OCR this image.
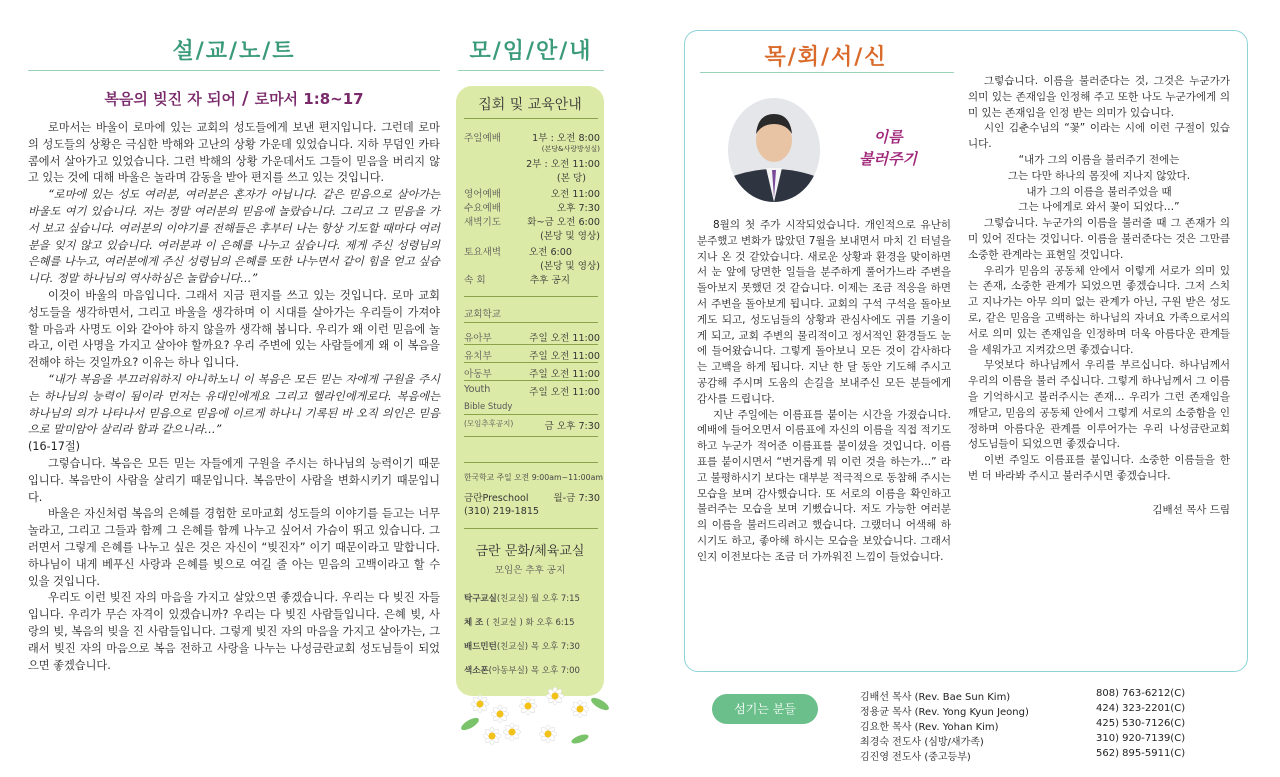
설/교/노/트
복음의 빚진 자 되어 / 로마서 1:8~17

로마서는 바울이 로마에 있는 교회의 성도들에게 보낸 편지입니다. 그런데 로마의 성도들의 상황은 극심한 박해와 고난의 상황 가운데 있었습니다. 지하 무덤인 카타콤에서 살아가고 있었습니다. 그런 박해의 상황 가운데서도 그들이 믿음을 버리지 않고 있는 것에 대해 바울은 놀라며 감동을 받아 편지를 쓰고 있는 것입니다.

“로마에 있는 성도 여러분, 여러분은 혼자가 아닙니다. 같은 믿음으로 살아가는 바울도 여기 있습니다. 저는 정말 여러분의 믿음에 놀랐습니다. 그리고 그 믿음을 가서 보고 싶습니다. 여러분의 이야기를 전해들은 후부터 나는 항상 기도할 때마다 여러분을 잊지 않고 있습니다. 여러분과 이 은혜를 나누고 싶습니다. 제게 주신 성령님의 은혜를 나누고, 여러분에게 주신 성령님의 은혜를 또한 나누면서 같이 힘을 얻고 싶습니다. 정말 하나님의 역사하심은 놀랍습니다…”

이것이 바울의 마음입니다. 그래서 지금 편지를 쓰고 있는 것입니다. 로마 교회 성도들을 생각하면서, 그리고 바울을 생각하며 이 시대를 살아가는 우리들이 가져야 할 마음과 사명도 이와 같아야 하지 않을까 생각해 봅니다. 우리가 왜 이런 믿음에 놀라고, 이런 사명을 가지고 살아야 할까요? 우리 주변에 있는 사람들에게 왜 이 복음을 전해야 하는 것일까요? 이유는 하나 입니다.

“내가 복음을 부끄러워하지 아니하노니 이 복음은 모든 믿는 자에게 구원을 주시는 하나님의 능력이 됨이라 먼저는 유대인에게요 그리고 헬라인에게로다. 복음에는 하나님의 의가 나타나서 믿음으로 믿음에 이르게 하나니 기록된 바 오직 의인은 믿음으로 말미암아 살리라 함과 같으니라…”

(16-17절)

그렇습니다. 복음은 모든 믿는 자들에게 구원을 주시는 하나님의 능력이기 때문입니다. 복음만이 사람을 살리기 때문입니다. 복음만이 사람을 변화시키기 때문입니다.

바울은 자신처럼 복음의 은혜를 경험한 로마교회 성도들의 이야기를 듣고는 너무 놀라고, 그리고 그들과 함께 그 은혜를 함께 나누고 싶어서 가슴이 뛰고 있습니다. 그러면서 그렇게 은혜를 나누고 싶은 것은 자신이 “빚진자” 이기 때문이라고 말합니다. 하나님이 내게 베푸신 사랑과 은혜를 빚으로 여길 줄 아는 믿음의 고백이라고 할 수 있을 것입니다.

우리도 이런 빚진 자의 마음을 가지고 살았으면 좋겠습니다. 우리는 다 빚진 자들입니다. 우리가 무슨 자격이 있겠습니까? 우리는 다 빚진 사람들입니다. 은혜 빚, 사랑의 빚, 복음의 빚을 진 사람들입니다. 그렇게 빚진 자의 마음을 가지고 살아가는, 그래서 빚진 자의 마음으로 복음 전하고 사랑을 나누는 나성금란교회 성도님들이 되었으면 좋겠습니다.

모/임/안/내
집회 및 교육안내
주일예배	1부 : 오전 8:00
(본당&사랑방성실)
2부 : 오전 11:00
(본 당)
영어예배	오전 11:00
수요예배	오후 7:30
새벽기도	화~금 오전 6:00
(본당 및 영상)
토요새벽	오전 6:00
(본당 및 영상)
속 회	추후 공지
교회학교
유아부	주일 오전 11:00
유치부	주일 오전 11:00
아동부	주일 오전 11:00
Youth	주일 오전 11:00
Bible Study
(모임추후공지)	금 오후 7:30
한국학교 주일 오전 9:00am~11:00am
금란Preschool	월-금 7:30
(310) 219-1815
금란 문화/체육교실
모임은 추후 공지
탁구교실(친교실) 월 오후 7:15
체 조 ( 친교실 ) 화 오후 6:15
배드민턴(친교실) 목 오후 7:30
색소폰(아동부실) 목 오후 7:00
목/회/서/신
이름
불러주기

8월의 첫 주가 시작되었습니다. 개인적으로 유난히 분주했고 변화가 많았던 7월을 보내면서 마치 긴 터널을 지나 온 것 같았습니다. 새로운 상황과 환경을 맞이하면서 눈 앞에 당면한 일들을 분주하게 풀어가느라 주변을 돌아보지 못했던 것 같습니다. 이제는 조금 적응을 하면서 주변을 돌아보게 됩니다. 교회의 구석 구석을 돌아보게도 되고, 성도님들의 상황과 관심사에도 귀를 기울이게 되고, 교회 주변의 물리적이고 정서적인 환경들도 눈에 들어왔습니다. 그렇게 돌아보니 모든 것이 감사하다는 고백을 하게 됩니다. 지난 한 달 동안 기도해 주시고 공감해 주시며 도움의 손길을 보내주신 모든 분들에게 감사를 드립니다.

지난 주일에는 이름표를 붙이는 시간을 가졌습니다. 예배에 들어오면서 이름표에 자신의 이름을 직접 적기도 하고 누군가 적어준 이름표를 붙이셨을 것입니다. 이름표를 붙이시면서 “번거롭게 뭐 이런 것을 하는가…” 라고 불평하시기 보다는 대부분 적극적으로 동참해 주시는 모습을 보며 감사했습니다. 또 서로의 이름을 확인하고 불러주는 모습을 보며 기뻤습니다. 저도 가능한 여러분의 이름을 불러드리려고 했습니다. 그랬더니 어색해 하시기도 하고, 좋아해 하시는 모습을 보았습니다. 그래서인지 이전보다는 조금 더 가까워진 느낌이 들었습니다.

그렇습니다. 이름을 불러준다는 것, 그것은 누군가가 의미 있는 존재임을 인정해 주고 또한 나도 누군가에게 의미 있는 존재임을 인정 받는 의미가 있습니다.

시인 김춘수님의 “꽃” 이라는 시에 이런 구절이 있습니다.

“내가 그의 이름을 불러주기 전에는

그는 다만 하나의 몸짓에 지나지 않았다.

내가 그의 이름을 불러주었을 때

그는 나에게로 와서 꽃이 되었다…”

그렇습니다. 누군가의 이름을 불러줄 때 그 존재가 의미 있어 진다는 것입니다. 이름을 불러준다는 것은 그만큼 소중한 관계라는 표현일 것입니다.

우리가 믿음의 공동체 안에서 이렇게 서로가 의미 있는 존재, 소중한 관계가 되었으면 좋겠습니다. 그저 스치고 지나가는 아무 의미 없는 관계가 아닌, 구원 받은 성도로, 같은 믿음을 고백하는 하나님의 자녀요 가족으로서의 서로 의미 있는 존재임을 인정하며 더욱 아름다운 관계들을 세워가고 지켜갔으면 좋겠습니다.

무엇보다 하나님께서 우리를 부르십니다. 하나님께서 우리의 이름을 불러 주십니다. 그렇게 하나님께서 그 이름을 기억하시고 불러주시는 존재… 우리가 그런 존재임을 깨닫고, 믿음의 공동체 안에서 그렇게 서로의 소중함을 인정하며 아름다운 관계를 이루어가는 우리 나성금란교회 성도님들이 되었으면 좋겠습니다.

이번 주일도 이름표를 붙입니다. 소중한 이름들을 한번 더 바라봐 주시고 불러주시면 좋겠습니다.

김배선 목사 드림

섬기는 분들
김배선 목사 (Rev. Bae Sun Kim)	808) 763-6212(C)
정용균 목사 (Rev. Yong Kyun Jeong)	424) 323-2201(C)
김요한 목사 (Rev. Yohan Kim)	425) 530-7126(C)
최경숙 전도사 (심방/새가족)	310) 920-7139(C)
김진영 전도사 (중고등부)	562) 895-5911(C)
